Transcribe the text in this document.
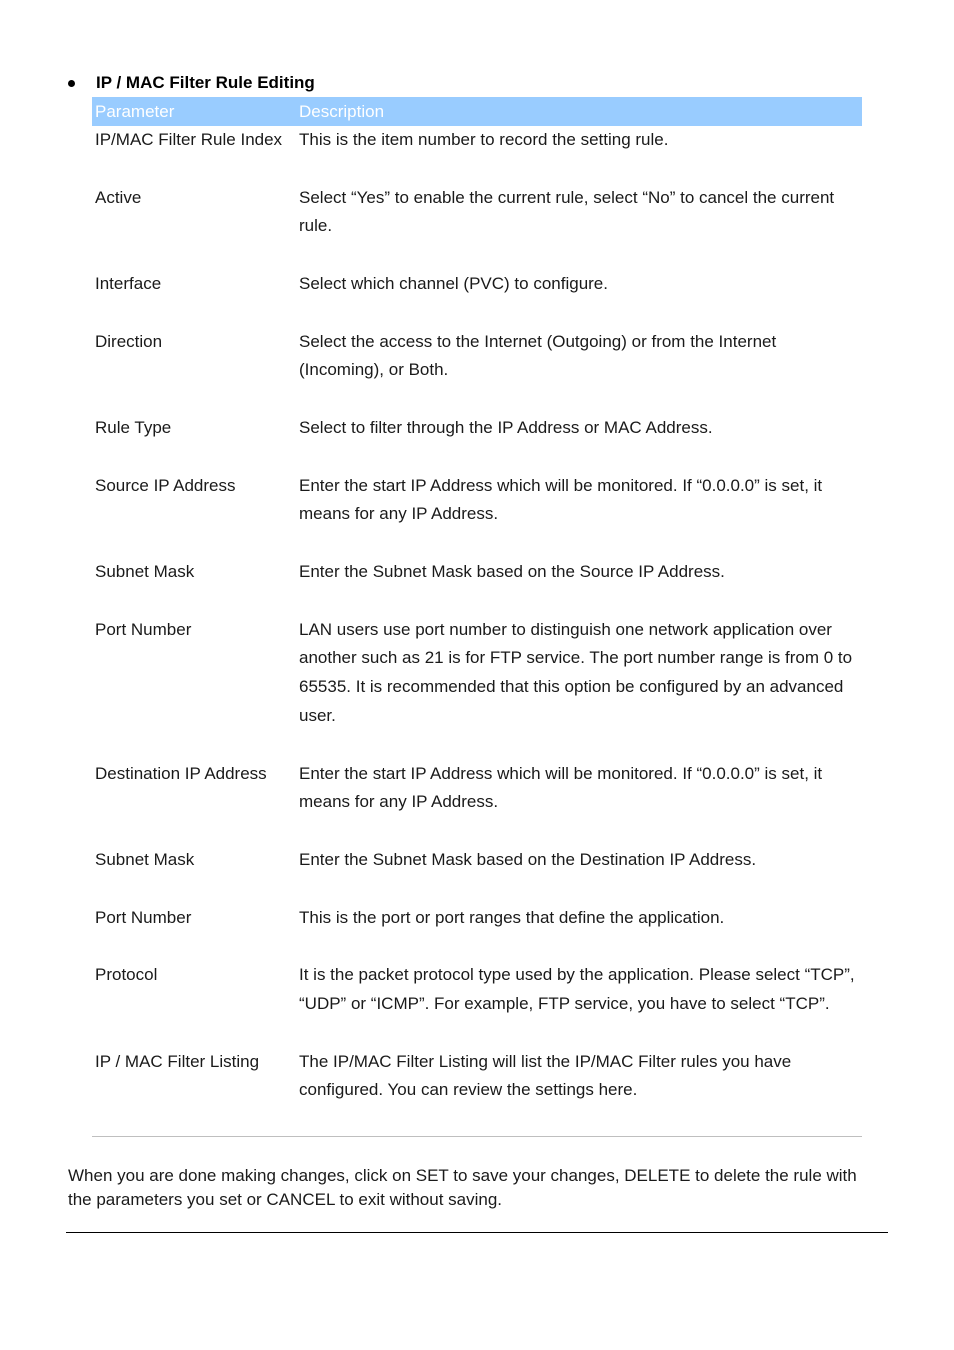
IP / MAC Filter Rule Editing
Parameter	Description
IP/MAC Filter Rule Index	This is the item number to record the setting rule.
Active	Select “Yes” to enable the current rule, select “No” to cancel the current rule.
Interface	Select which channel (PVC) to configure.
Direction	Select the access to the Internet (Outgoing) or from the Internet (Incoming), or Both.
Rule Type	Select to filter through the IP Address or MAC Address.
Source IP Address	Enter the start IP Address which will be monitored. If “0.0.0.0” is set, it means for any IP Address.
Subnet Mask	Enter the Subnet Mask based on the Source IP Address.
Port Number	LAN users use port number to distinguish one network application over another such as 21 is for FTP service. The port number range is from 0 to 65535. It is recommended that this option be configured by an advanced user.
Destination IP Address	Enter the start IP Address which will be monitored. If “0.0.0.0” is set, it means for any IP Address.
Subnet Mask	Enter the Subnet Mask based on the Destination IP Address.
Port Number	This is the port or port ranges that define the application.
Protocol	It is the packet protocol type used by the application. Please select “TCP”, “UDP” or “ICMP”. For example, FTP service, you have to select “TCP”.
IP / MAC Filter Listing	The IP/MAC Filter Listing will list the IP/MAC Filter rules you have configured. You can review the settings here.

When you are done making changes, click on SET to save your changes, DELETE to delete the rule with the parameters you set or CANCEL to exit without saving.
